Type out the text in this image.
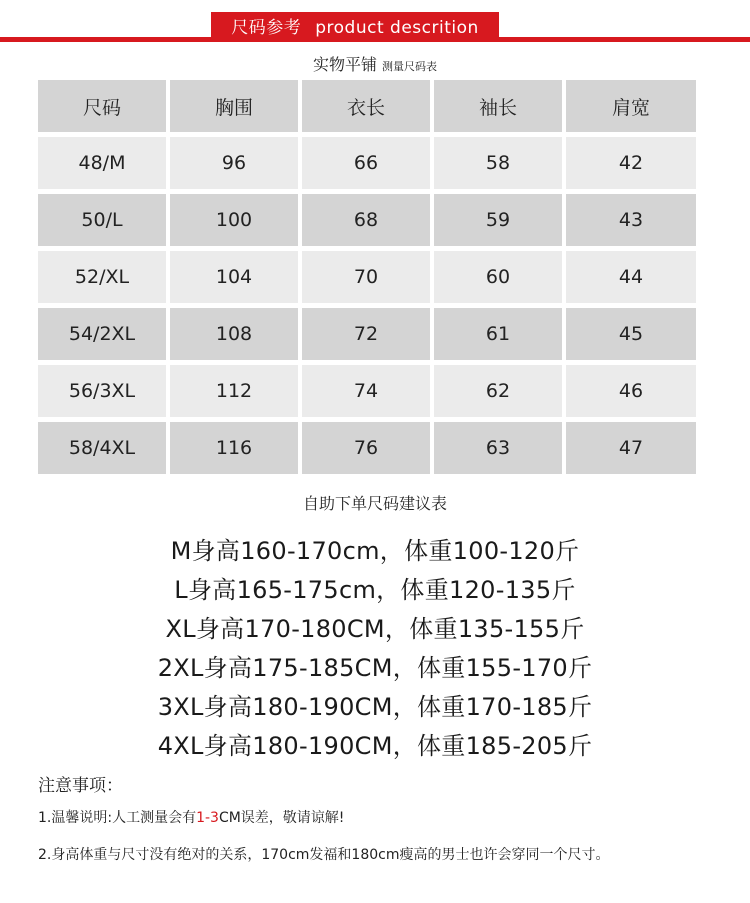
尺码参考 product descrition
实物平铺 测量尺码表
尺码	胸围	衣长	袖长	肩宽
48/M	96	66	58	42
50/L	100	68	59	43
52/XL	104	70	60	44
54/2XL	108	72	61	45
56/3XL	112	74	62	46
58/4XL	116	76	63	47
自助下单尺码建议表
M身高160-170cm，体重100-120斤
L身高165-175cm，体重120-135斤
XL身高170-180CM，体重135-155斤
2XL身高175-185CM，体重155-170斤
3XL身高180-190CM，体重170-185斤
4XL身高180-190CM，体重185-205斤
注意事项：
1.温馨说明:人工测量会有1-3CM误差，敬请谅解!
2.身高体重与尺寸没有绝对的关系，170cm发福和180cm瘦高的男士也许会穿同一个尺寸。
